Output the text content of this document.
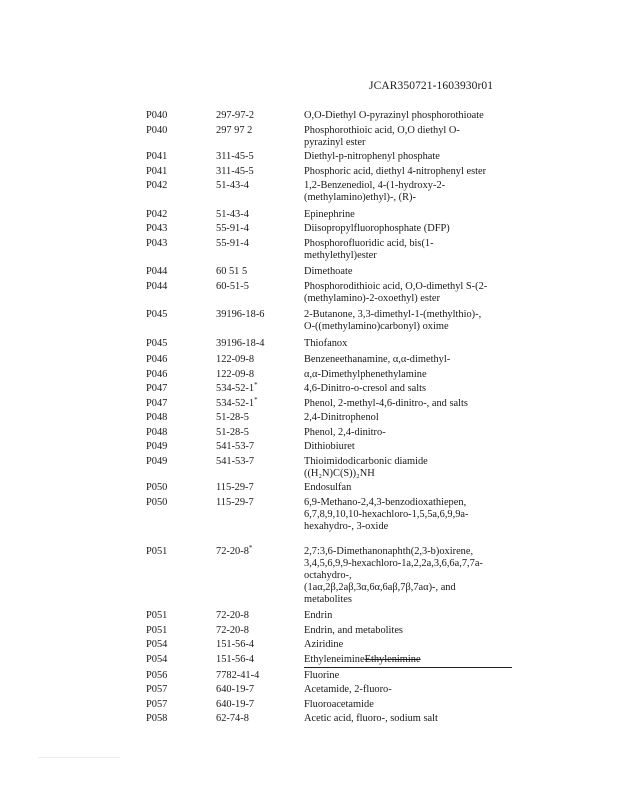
JCAR350721-1603930r01
P040	297-97-2	O,O-Diethyl O-pyrazinyl phosphorothioate
P040	297 97 2	Phosphorothioic acid, O,O diethyl O-
pyrazinyl ester
P041	311-45-5	Diethyl-p-nitrophenyl phosphate
P041	311-45-5	Phosphoric acid, diethyl 4-nitrophenyl ester
P042	51-43-4	1,2-Benzenediol, 4-(1-hydroxy-2-
(methylamino)ethyl)-, (R)-
P042	51-43-4	Epinephrine
P043	55-91-4	Diisopropylfluorophosphate (DFP)
P043	55-91-4	Phosphorofluoridic acid, bis(1-
methylethyl)ester
P044	60 51 5	Dimethoate
P044	60-51-5	Phosphorodithioic acid, O,O-dimethyl S-(2-
(methylamino)-2-oxoethyl) ester
P045	39196-18-6	2-Butanone, 3,3-dimethyl-1-(methylthio)-,
O-((methylamino)carbonyl) oxime
P045	39196-18-4	Thiofanox
P046	122-09-8	Benzeneethanamine, α,α-dimethyl-
P046	122-09-8	α,α-Dimethylphenethylamine
P047	534-52-1*	4,6-Dinitro-o-cresol and salts
P047	534-52-1*	Phenol, 2-methyl-4,6-dinitro-, and salts
P048	51-28-5	2,4-Dinitrophenol
P048	51-28-5	Phenol, 2,4-dinitro-
P049	541-53-7	Dithiobiuret
P049	541-53-7	Thioimidodicarbonic diamide
((H₂N)C(S))₂NH
P050	115-29-7	Endosulfan
P050	115-29-7	6,9-Methano-2,4,3-benzodioxathiepen,
6,7,8,9,10,10-hexachloro-1,5,5a,6,9,9a-
hexahydro-, 3-oxide
P051	72-20-8*	2,7:3,6-Dimethanonaphth(2,3-b)oxirene,
3,4,5,6,9,9-hexachloro-1a,2,2a,3,6,6a,7,7a-
octahydro-,
(1aα,2β,2aβ,3α,6α,6aβ,7β,7aα)-, and
metabolites
P051	72-20-8	Endrin
P051	72-20-8	Endrin, and metabolites
P054	151-56-4	Aziridine
P054	151-56-4	EthyleneimineEthylenimine
P056	7782-41-4	Fluorine
P057	640-19-7	Acetamide, 2-fluoro-
P057	640-19-7	Fluoroacetamide
P058	62-74-8	Acetic acid, fluoro-, sodium salt
